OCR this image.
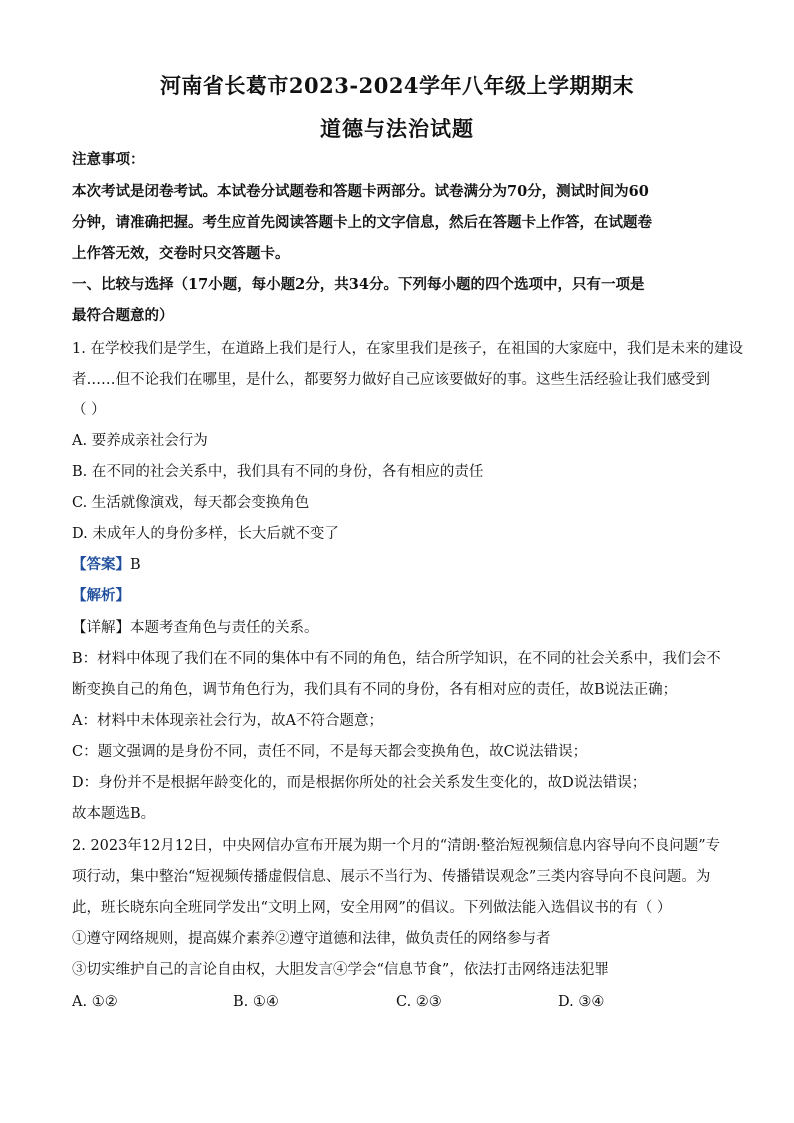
河南省长葛市2023-2024学年八年级上学期期末
道德与法治试题
注意事项：
本次考试是闭卷考试。本试卷分试题卷和答题卡两部分。试卷满分为70分，测试时间为60
分钟，请准确把握。考生应首先阅读答题卡上的文字信息，然后在答题卡上作答，在试题卷
上作答无效，交卷时只交答题卡。
一、比较与选择（17小题，每小题2分，共34分。下列每小题的四个选项中，只有一项是
最符合题意的）
1. 在学校我们是学生，在道路上我们是行人，在家里我们是孩子，在祖国的大家庭中，我们是未来的建设
者……但不论我们在哪里，是什么，都要努力做好自己应该要做好的事。这些生活经验让我们感受到
（ ）
A. 要养成亲社会行为
B. 在不同的社会关系中，我们具有不同的身份，各有相应的责任
C. 生活就像演戏，每天都会变换角色
D. 未成年人的身份多样，长大后就不变了
【答案】B
【解析】
【详解】本题考查角色与责任的关系。
B：材料中体现了我们在不同的集体中有不同的角色，结合所学知识，在不同的社会关系中，我们会不
断变换自己的角色，调节角色行为，我们具有不同的身份，各有相对应的责任，故B说法正确；
A：材料中未体现亲社会行为，故A不符合题意；
C：题文强调的是身份不同，责任不同，不是每天都会变换角色，故C说法错误；
D：身份并不是根据年龄变化的，而是根据你所处的社会关系发生变化的，故D说法错误；
故本题选B。
2. 2023年12月12日，中央网信办宣布开展为期一个月的“清朗·整治短视频信息内容导向不良问题”专
项行动，集中整治“短视频传播虚假信息、展示不当行为、传播错误观念”三类内容导向不良问题。为
此，班长晓东向全班同学发出“文明上网，安全用网”的倡议。下列做法能入选倡议书的有（ ）
①遵守网络规则，提高媒介素养②遵守道德和法律，做负责任的网络参与者
③切实维护自己的言论自由权，大胆发言④学会“信息节食”，依法打击网络违法犯罪
A. ①②	B. ①④	C. ②③	D. ③④
